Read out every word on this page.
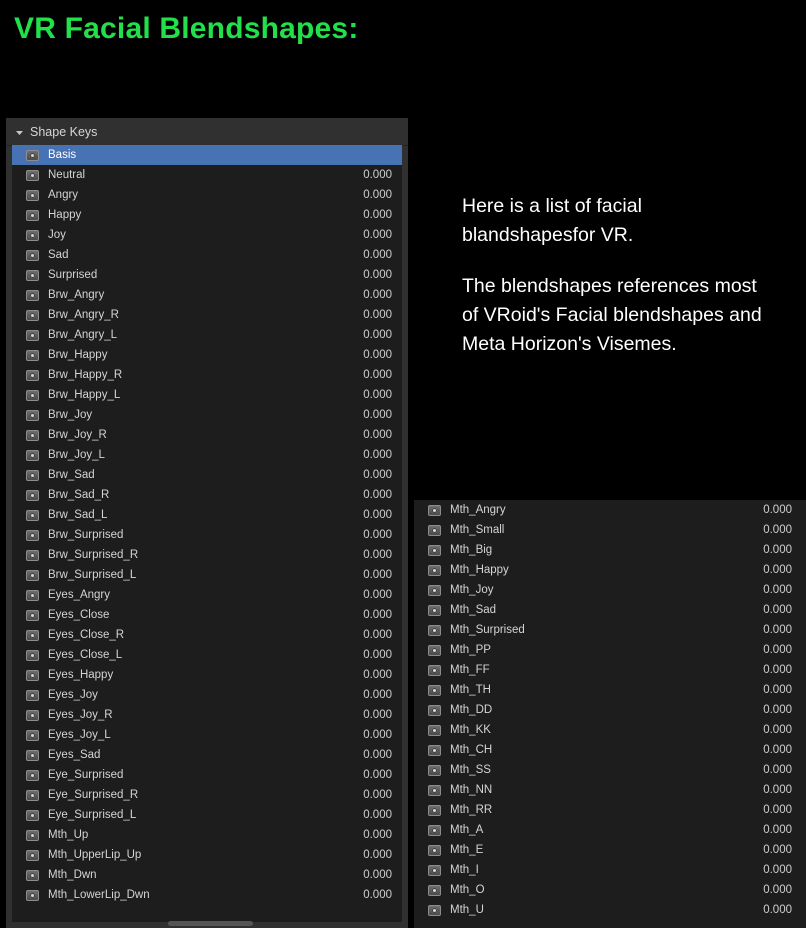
VR Facial Blendshapes:
Shape Keys
Basis
Neutral	0.000
Angry	0.000
Happy	0.000
Joy	0.000
Sad	0.000
Surprised	0.000
Brw_Angry	0.000
Brw_Angry_R	0.000
Brw_Angry_L	0.000
Brw_Happy	0.000
Brw_Happy_R	0.000
Brw_Happy_L	0.000
Brw_Joy	0.000
Brw_Joy_R	0.000
Brw_Joy_L	0.000
Brw_Sad	0.000
Brw_Sad_R	0.000
Brw_Sad_L	0.000
Brw_Surprised	0.000
Brw_Surprised_R	0.000
Brw_Surprised_L	0.000
Eyes_Angry	0.000
Eyes_Close	0.000
Eyes_Close_R	0.000
Eyes_Close_L	0.000
Eyes_Happy	0.000
Eyes_Joy	0.000
Eyes_Joy_R	0.000
Eyes_Joy_L	0.000
Eyes_Sad	0.000
Eye_Surprised	0.000
Eye_Surprised_R	0.000
Eye_Surprised_L	0.000
Mth_Up	0.000
Mth_UpperLip_Up	0.000
Mth_Dwn	0.000
Mth_LowerLip_Dwn	0.000

Here is a list of facial blandshapesfor VR.

The blendshapes references most of VRoid's Facial blendshapes and Meta Horizon's Visemes.

Mth_Angry	0.000
Mth_Small	0.000
Mth_Big	0.000
Mth_Happy	0.000
Mth_Joy	0.000
Mth_Sad	0.000
Mth_Surprised	0.000
Mth_PP	0.000
Mth_FF	0.000
Mth_TH	0.000
Mth_DD	0.000
Mth_KK	0.000
Mth_CH	0.000
Mth_SS	0.000
Mth_NN	0.000
Mth_RR	0.000
Mth_A	0.000
Mth_E	0.000
Mth_I	0.000
Mth_O	0.000
Mth_U	0.000
